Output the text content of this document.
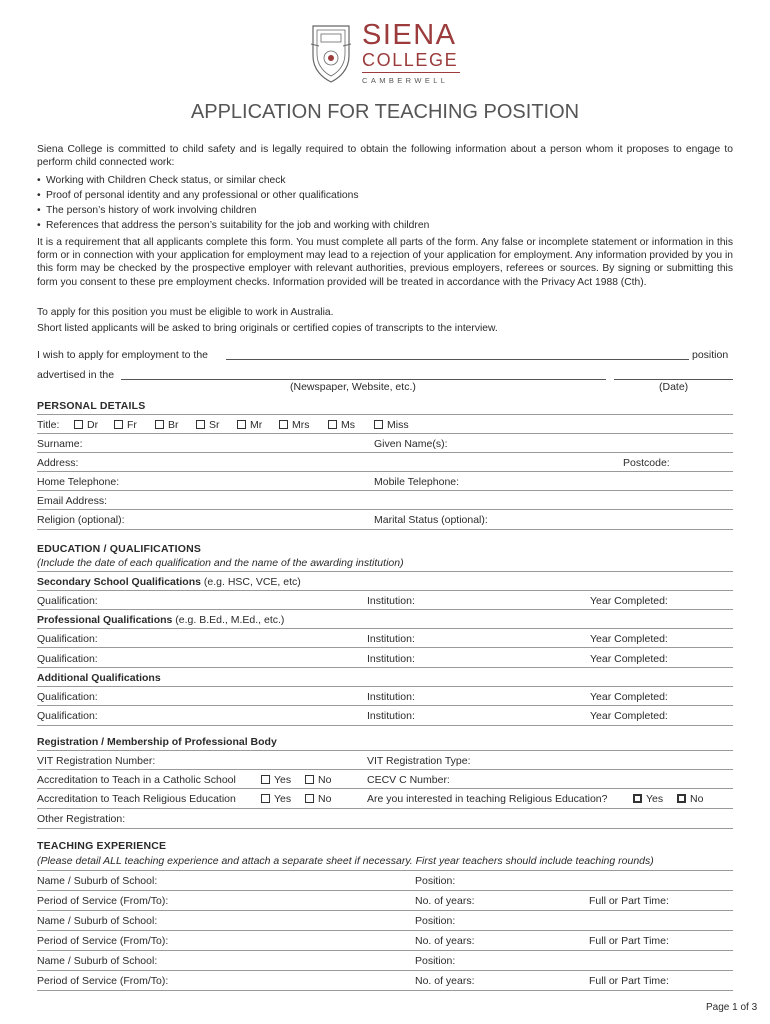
SIENA
COLLEGE
CAMBERWELL
APPLICATION FOR TEACHING POSITION
Siena College is committed to child safety and is legally required to obtain the following information about a person whom it proposes to engage to perform child connected work:
• Working with Children Check status, or similar check
• Proof of personal identity and any professional or other qualifications
• The person’s history of work involving children
• References that address the person’s suitability for the job and working with children
It is a requirement that all applicants complete this form. You must complete all parts of the form. Any false or incomplete statement or information in this form or in connection with your application for employment may lead to a rejection of your application for employment. Any information provided by you in this form may be checked by the prospective employer with relevant authorities, previous employers, referees or sources. By signing or submitting this form you consent to these pre employment checks. Information provided will be treated in accordance with the Privacy Act 1988 (Cth).
To apply for this position you must be eligible to work in Australia.
Short listed applicants will be asked to bring originals or certified copies of transcripts to the interview.
I wish to apply for employment to the	position
advertised in the
(Newspaper, Website, etc.)	(Date)
PERSONAL DETAILS
Title:	Dr	Fr	Br	Sr	Mr	Mrs	Ms	Miss
Surname:	Given Name(s):
Address:	Postcode:
Home Telephone:	Mobile Telephone:
Email Address:
Religion (optional):	Marital Status (optional):
EDUCATION / QUALIFICATIONS
(Include the date of each qualification and the name of the awarding institution)
Secondary School Qualifications (e.g. HSC, VCE, etc)
Qualification:	Institution:	Year Completed:
Professional Qualifications (e.g. B.Ed., M.Ed., etc.)
Qualification:	Institution:	Year Completed:
Qualification:	Institution:	Year Completed:
Additional Qualifications
Qualification:	Institution:	Year Completed:
Qualification:	Institution:	Year Completed:
Registration / Membership of Professional Body
VIT Registration Number:	VIT Registration Type:
Accreditation to Teach in a Catholic School	Yes	No	CECV C Number:
Accreditation to Teach Religious Education	Yes	No	Are you interested in teaching Religious Education?	Yes	No
Other Registration:
TEACHING EXPERIENCE
(Please detail ALL teaching experience and attach a separate sheet if necessary. First year teachers should include teaching rounds)
Name / Suburb of School:	Position:
Period of Service (From/To):	No. of years:	Full or Part Time:
Name / Suburb of School:	Position:
Period of Service (From/To):	No. of years:	Full or Part Time:
Name / Suburb of School:	Position:
Period of Service (From/To):	No. of years:	Full or Part Time:
Page 1 of 3
